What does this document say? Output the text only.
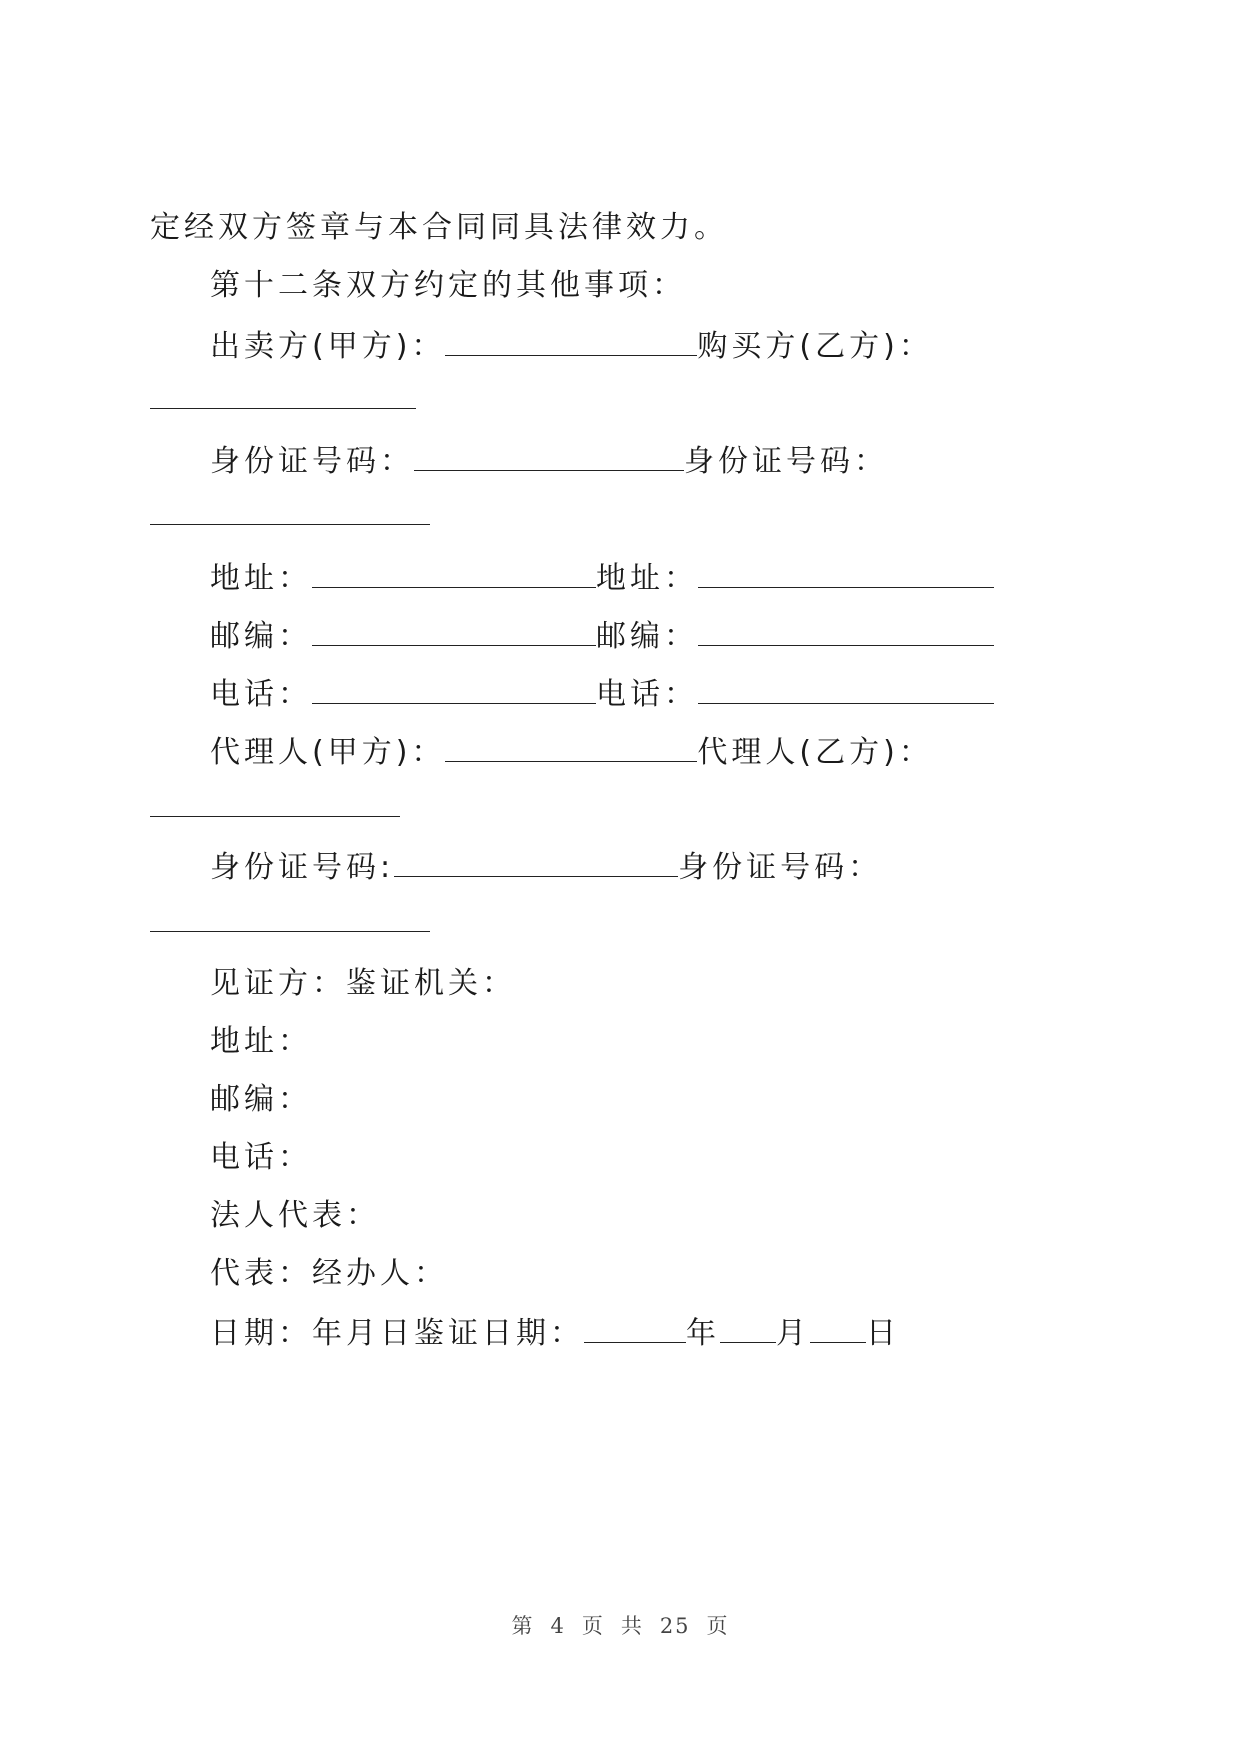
定经双方签章与本合同同具法律效力。
第十二条双方约定的其他事项：
出卖方(甲方)：	购买方(乙方)：
身份证号码：	身份证号码：
地址：	地址：
邮编：	邮编：
电话：	电话：
代理人(甲方)：	代理人(乙方)：
身份证号码:	身份证号码：
见证方：鉴证机关：
地址：
邮编：
电话：
法人代表：
代表：经办人：
日期：年月日鉴证日期：	年 月 日
第 4 页 共 25 页
